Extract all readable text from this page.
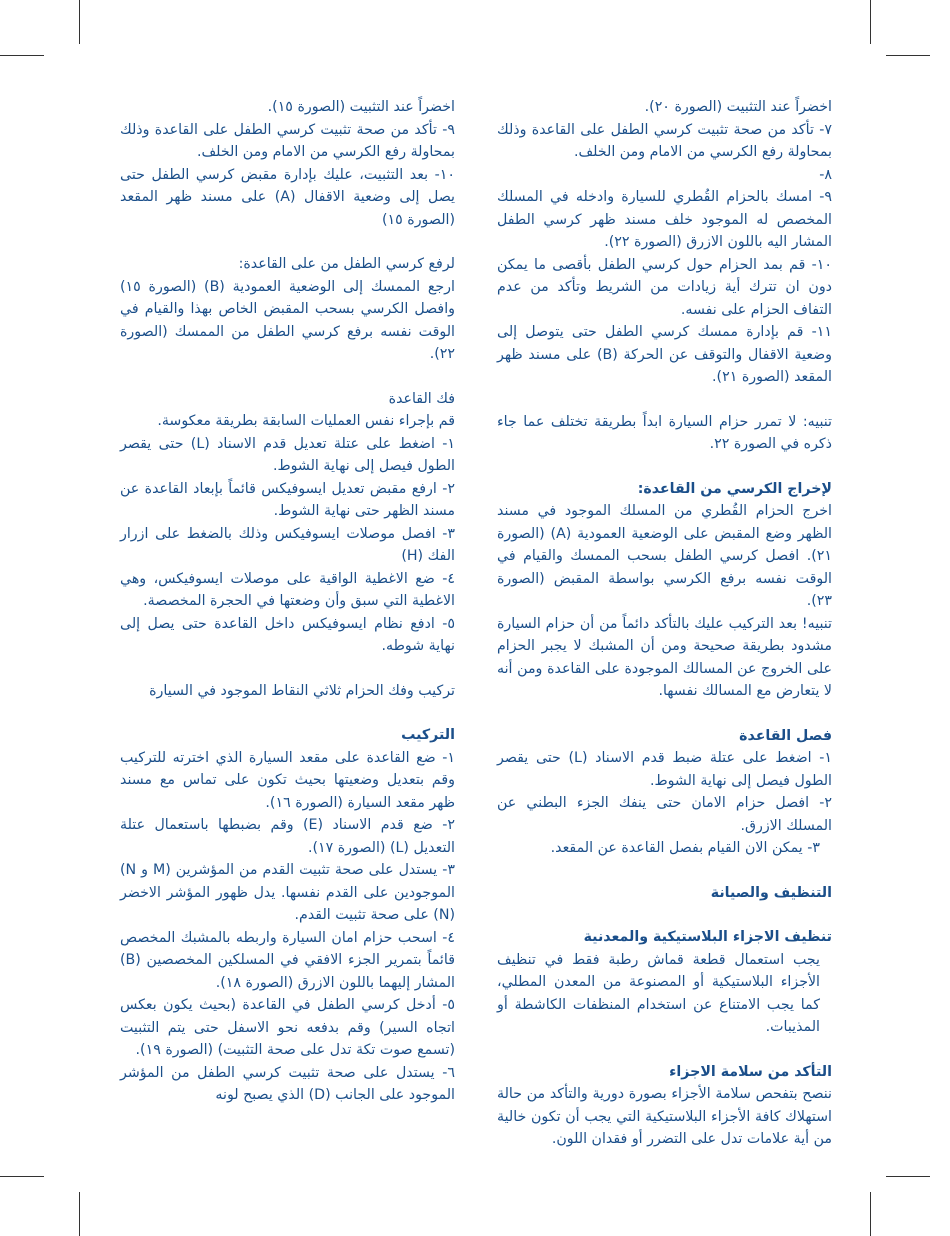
اخضراً عند التثبيت (الصورة ٢٠).

٧- تأكد من صحة تثبيت كرسي الطفل على القاعدة وذلك بمحاولة رفع الكرسي من الامام ومن الخلف.

٨-

٩- امسك بالحزام القُطري للسيارة وادخله في المسلك المخصص له الموجود خلف مسند ظهر كرسي الطفل المشار اليه باللون الازرق (الصورة ٢٢).

١٠- قم بمد الحزام حول كرسي الطفل بأقصى ما يمكن دون ان تترك أية زيادات من الشريط وتأكد من عدم التفاف الحزام على نفسه.

١١- قم بإدارة ممسك كرسي الطفل حتى يتوصل إلى وضعية الاقفال والتوقف عن الحركة (B) على مسند ظهر المقعد (الصورة ٢١).

تنبيه: لا تمرر حزام السيارة ابداً بطريقة تختلف عما جاء ذكره في الصورة ٢٢.

لإخراج الكرسي من القاعدة:

اخرج الحزام القُطري من المسلك الموجود في مسند الظهر وضع المقبض على الوضعية العمودية (A) (الصورة ٢١). افصل كرسي الطفل بسحب الممسك والقيام في الوقت نفسه برفع الكرسي بواسطة المقبض (الصورة ٢٣).

تنبيه! بعد التركيب عليك بالتأكد دائماً من أن حزام السيارة مشدود بطريقة صحيحة ومن أن المشبك لا يجبر الحزام على الخروج عن المسالك الموجودة على القاعدة ومن أنه لا يتعارض مع المسالك نفسها.

فصل القاعدة

١- اضغط على عتلة ضبط قدم الاسناد (L) حتى يقصر الطول فيصل إلى نهاية الشوط.

٢- افصل حزام الامان حتى ينفك الجزء البطني عن المسلك الازرق.

٣- يمكن الان القيام بفصل القاعدة عن المقعد.

التنظيف والصيانة

تنظيف الاجزاء البلاستيكية والمعدنية

يجب استعمال قطعة قماش رطبة فقط في تنظيف الأجزاء البلاستيكية أو المصنوعة من المعدن المطلي، كما يجب الامتناع عن استخدام المنظفات الكاشطة أو المذيبات.

التأكد من سلامة الاجزاء

ننصح بتفحص سلامة الأجزاء بصورة دورية والتأكد من حالة استهلاك كافة الأجزاء البلاستيكية التي يجب أن تكون خالية من أية علامات تدل على التضرر أو فقدان اللون.

اخضراً عند التثبيت (الصورة ١٥).

٩- تأكد من صحة تثبيت كرسي الطفل على القاعدة وذلك بمحاولة رفع الكرسي من الامام ومن الخلف.

١٠- بعد التثبيت، عليك بإدارة مقبض كرسي الطفل حتى يصل إلى وضعية الاقفال (A) على مسند ظهر المقعد (الصورة ١٥)

لرفع كرسي الطفل من على القاعدة:

ارجع الممسك إلى الوضعية العمودية (B) (الصورة ١٥) وافصل الكرسي بسحب المقبض الخاص بهذا والقيام في الوقت نفسه برفع كرسي الطفل من الممسك (الصورة ٢٢).

فك القاعدة

قم بإجراء نفس العمليات السابقة بطريقة معكوسة.

١- اضغط على عتلة تعديل قدم الاسناد (L) حتى يقصر الطول فيصل إلى نهاية الشوط.

٢- ارفع مقبض تعديل ايسوفيكس قائماً بإبعاد القاعدة عن مسند الظهر حتى نهاية الشوط.

٣- افصل موصلات ايسوفيكس وذلك بالضغط على ازرار الفك (H)

٤- ضع الاغطية الواقية على موصلات ايسوفيكس، وهي الاغطية التي سبق وأن وضعتها في الحجرة المخصصة.

٥- ادفع نظام ايسوفيكس داخل القاعدة حتى يصل إلى نهاية شوطه.

تركيب وفك الحزام ثلاثي النقاط الموجود في السيارة

التركيب

١- ضع القاعدة على مقعد السيارة الذي اخترته للتركيب وقم بتعديل وضعيتها بحيث تكون على تماس مع مسند ظهر مقعد السيارة (الصورة ١٦).

٢- ضع قدم الاسناد (E) وقم بضبطها باستعمال عتلة التعديل (L) (الصورة ١٧).

٣- يستدل على صحة تثبيت القدم من المؤشرين (M و N) الموجودين على القدم نفسها. يدل ظهور المؤشر الاخضر (N) على صحة تثبيت القدم.

٤- اسحب حزام امان السيارة واربطه بالمشبك المخصص قائماً بتمرير الجزء الافقي في المسلكين المخصصين (B) المشار إليهما باللون الازرق (الصورة ١٨).

٥- أدخل كرسي الطفل في القاعدة (بحيث يكون بعكس اتجاه السير) وقم بدفعه نحو الاسفل حتى يتم التثبيت (تسمع صوت تكة تدل على صحة التثبيت) (الصورة ١٩).

٦- يستدل على صحة تثبيت كرسي الطفل من المؤشر الموجود على الجانب (D) الذي يصبح لونه
